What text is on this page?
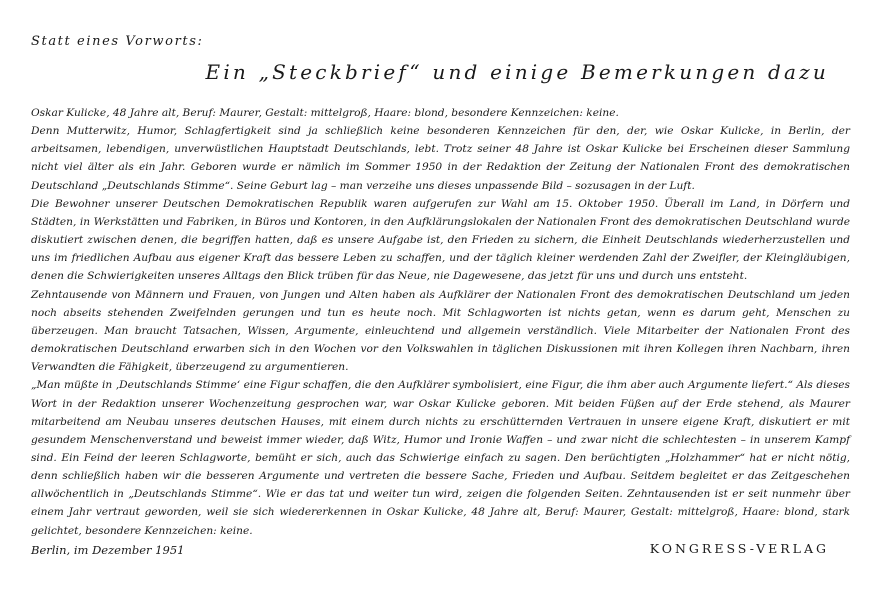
Statt eines Vorworts:
Ein „Steckbrief“ und einige Bemerkungen dazu
Oskar Kulicke, 48 Jahre alt, Beruf: Maurer, Gestalt: mittelgroß, Haare: blond, besondere Kennzeichen: keine.
Denn Mutterwitz, Humor, Schlagfertigkeit sind ja schließlich keine besonderen Kennzeichen für den, der, wie Oskar Kulicke, in Berlin, der arbeitsamen, lebendigen, unverwüstlichen Hauptstadt Deutschlands, lebt. Trotz seiner 48 Jahre ist Oskar Kulicke bei Erscheinen dieser Sammlung nicht viel älter als ein Jahr. Geboren wurde er nämlich im Sommer 1950 in der Redaktion der Zeitung der Nationalen Front des demokratischen Deutschland „Deutschlands Stimme“. Seine Geburt lag – man verzeihe uns dieses unpassende Bild – sozusagen in der Luft.
Die Bewohner unserer Deutschen Demokratischen Republik waren aufgerufen zur Wahl am 15. Oktober 1950. Überall im Land, in Dörfern und Städten, in Werkstätten und Fabriken, in Büros und Kontoren, in den Aufklärungslokalen der Nationalen Front des demokratischen Deutschland wurde diskutiert zwischen denen, die begriffen hatten, daß es unsere Aufgabe ist, den Frieden zu sichern, die Einheit Deutschlands wiederherzustellen und uns im friedlichen Aufbau aus eigener Kraft das bessere Leben zu schaffen, und der täglich kleiner werdenden Zahl der Zweifler, der Kleingläubigen, denen die Schwierigkeiten unseres Alltags den Blick trüben für das Neue, nie Dagewesene, das jetzt für uns und durch uns entsteht.
Zehntausende von Männern und Frauen, von Jungen und Alten haben als Aufklärer der Nationalen Front des demokratischen Deutschland um jeden noch abseits stehenden Zweifelnden gerungen und tun es heute noch. Mit Schlagworten ist nichts getan, wenn es darum geht, Menschen zu überzeugen. Man braucht Tatsachen, Wissen, Argumente, einleuchtend und allgemein verständlich. Viele Mitarbeiter der Nationalen Front des demokratischen Deutschland erwarben sich in den Wochen vor den Volkswahlen in täglichen Diskussionen mit ihren Kollegen ihren Nachbarn, ihren Verwandten die Fähigkeit, überzeugend zu argumentieren.
„Man müßte in ‚Deutschlands Stimme‘ eine Figur schaffen, die den Aufklärer symbolisiert, eine Figur, die ihm aber auch Argumente liefert.“ Als dieses Wort in der Redaktion unserer Wochenzeitung gesprochen war, war Oskar Kulicke geboren. Mit beiden Füßen auf der Erde stehend, als Maurer mitarbeitend am Neubau unseres deutschen Hauses, mit einem durch nichts zu erschütternden Vertrauen in unsere eigene Kraft, diskutiert er mit gesundem Menschenverstand und beweist immer wieder, daß Witz, Humor und Ironie Waffen – und zwar nicht die schlechtesten – in unserem Kampf sind. Ein Feind der leeren Schlagworte, bemüht er sich, auch das Schwierige einfach zu sagen. Den berüchtigten „Holzhammer“ hat er nicht nötig, denn schließlich haben wir die besseren Argumente und vertreten die bessere Sache, Frieden und Aufbau. Seitdem begleitet er das Zeitgeschehen allwöchentlich in „Deutschlands Stimme“. Wie er das tat und weiter tun wird, zeigen die folgenden Seiten. Zehntausenden ist er seit nunmehr über einem Jahr vertraut geworden, weil sie sich wiedererkennen in Oskar Kulicke, 48 Jahre alt, Beruf: Maurer, Gestalt: mittelgroß, Haare: blond, stark gelichtet, besondere Kennzeichen: keine.
Berlin, im Dezember 1951	KONGRESS-VERLAG
